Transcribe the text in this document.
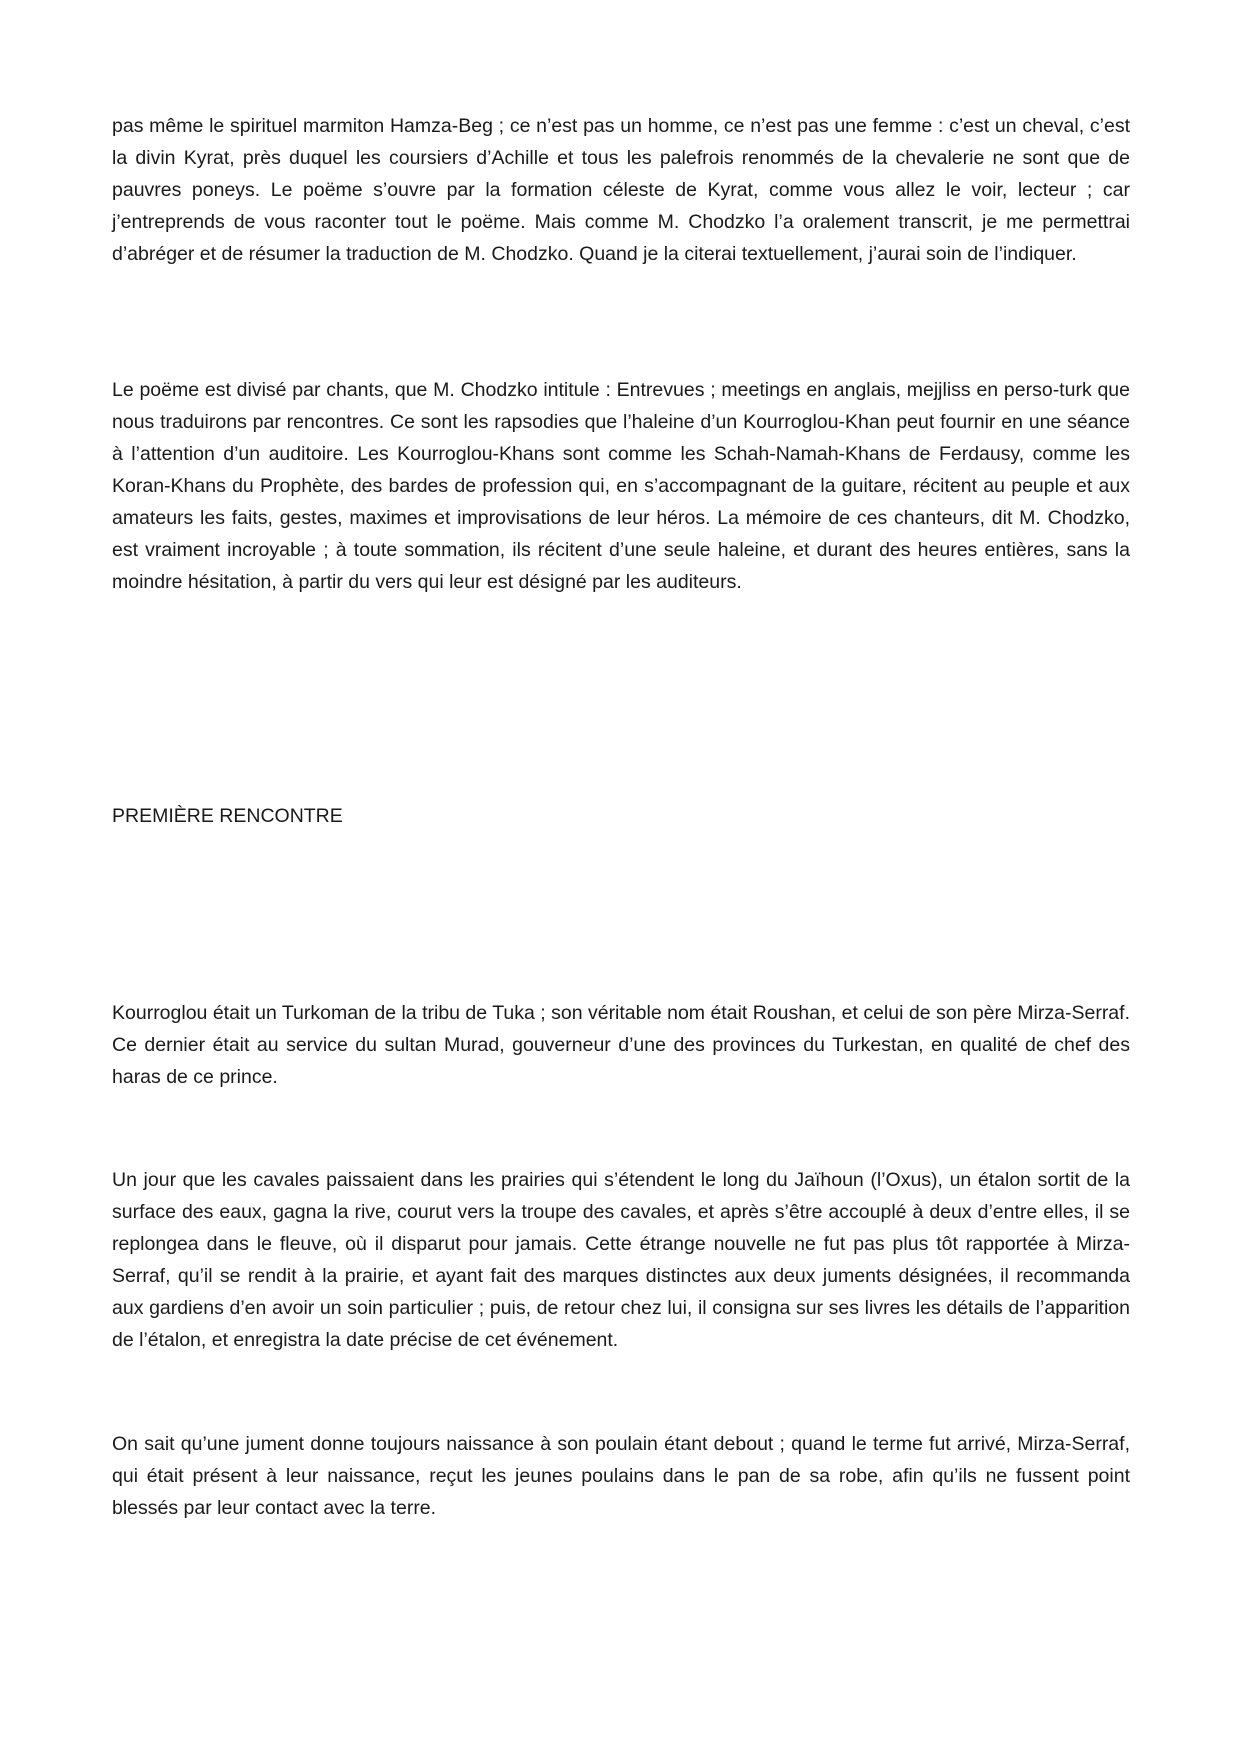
pas même le spirituel marmiton Hamza-Beg ; ce n’est pas un homme, ce n’est pas une femme : c’est un cheval, c’est la divin Kyrat, près duquel les coursiers d’Achille et tous les palefrois renommés de la chevalerie ne sont que de pauvres poneys. Le poëme s’ouvre par la formation céleste de Kyrat, comme vous allez le voir, lecteur ; car j’entreprends de vous raconter tout le poëme. Mais comme M. Chodzko l’a oralement transcrit, je me permettrai d’abréger et de résumer la traduction de M. Chodzko. Quand je la citerai textuellement, j’aurai soin de l’indiquer.

Le poëme est divisé par chants, que M. Chodzko intitule : Entrevues ; meetings en anglais, mejjliss en perso-turk que nous traduirons par rencontres. Ce sont les rapsodies que l’haleine d’un Kourroglou-Khan peut fournir en une séance à l’attention d’un auditoire. Les Kourroglou-Khans sont comme les Schah-Namah-Khans de Ferdausy, comme les Koran-Khans du Prophète, des bardes de profession qui, en s’accompagnant de la guitare, récitent au peuple et aux amateurs les faits, gestes, maximes et improvisations de leur héros. La mémoire de ces chanteurs, dit M. Chodzko, est vraiment incroyable ; à toute sommation, ils récitent d’une seule haleine, et durant des heures entières, sans la moindre hésitation, à partir du vers qui leur est désigné par les auditeurs.

PREMIÈRE RENCONTRE

Kourroglou était un Turkoman de la tribu de Tuka ; son véritable nom était Roushan, et celui de son père Mirza-Serraf. Ce dernier était au service du sultan Murad, gouverneur d’une des provinces du Turkestan, en qualité de chef des haras de ce prince.

Un jour que les cavales paissaient dans les prairies qui s’étendent le long du Jaïhoun (l’Oxus), un étalon sortit de la surface des eaux, gagna la rive, courut vers la troupe des cavales, et après s’être accouplé à deux d’entre elles, il se replongea dans le fleuve, où il disparut pour jamais. Cette étrange nouvelle ne fut pas plus tôt rapportée à Mirza-Serraf, qu’il se rendit à la prairie, et ayant fait des marques distinctes aux deux juments désignées, il recommanda aux gardiens d’en avoir un soin particulier ; puis, de retour chez lui, il consigna sur ses livres les détails de l’apparition de l’étalon, et enregistra la date précise de cet événement.

On sait qu’une jument donne toujours naissance à son poulain étant debout ; quand le terme fut arrivé, Mirza-Serraf, qui était présent à leur naissance, reçut les jeunes poulains dans le pan de sa robe, afin qu’ils ne fussent point blessés par leur contact avec la terre.
